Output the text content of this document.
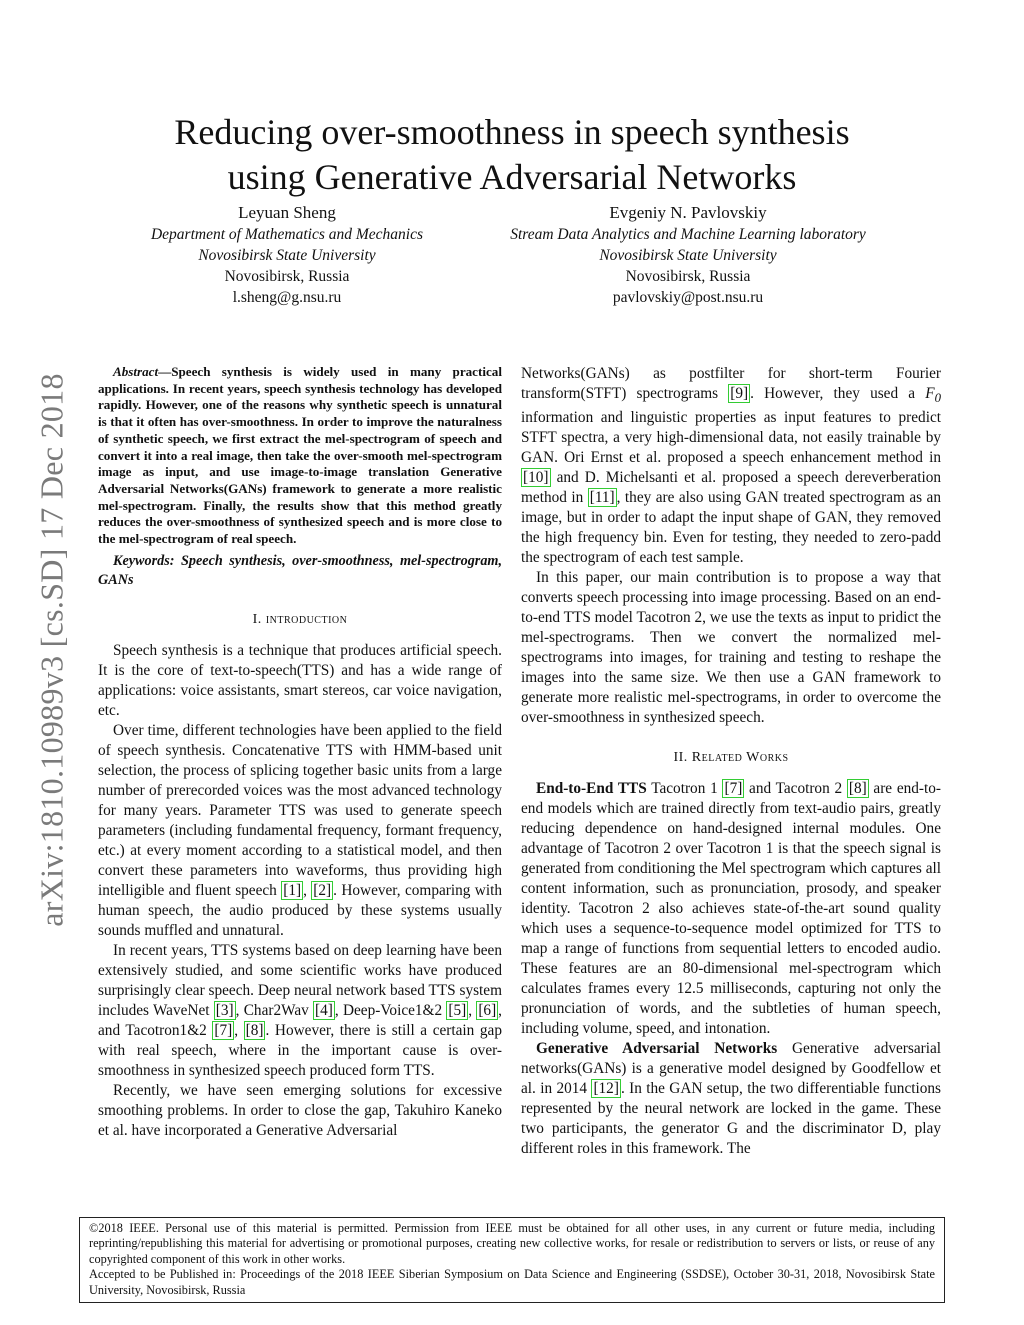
Reducing over-smoothness in speech synthesis
using Generative Adversarial Networks
Leyuan Sheng
Department of Mathematics and Mechanics
Novosibirsk State University
Novosibirsk, Russia
l.sheng@g.nsu.ru
Evgeniy N. Pavlovskiy
Stream Data Analytics and Machine Learning laboratory
Novosibirsk State University
Novosibirsk, Russia
pavlovskiy@post.nsu.ru
arXiv:1810.10989v3 [cs.SD] 17 Dec 2018

Abstract—Speech synthesis is widely used in many practical applications. In recent years, speech synthesis technology has developed rapidly. However, one of the reasons why synthetic speech is unnatural is that it often has over-smoothness. In order to improve the naturalness of synthetic speech, we first extract the mel-spectrogram of speech and convert it into a real image, then take the over-smooth mel-spectrogram image as input, and use image-to-image translation Generative Adversarial Networks(GANs) framework to generate a more realistic mel-spectrogram. Finally, the results show that this method greatly reduces the over-smoothness of synthesized speech and is more close to the mel-spectrogram of real speech.

Keywords: Speech synthesis, over-smoothness, mel-spectrogram, GANs

I. introduction

Speech synthesis is a technique that produces artificial speech. It is the core of text-to-speech(TTS) and has a wide range of applications: voice assistants, smart stereos, car voice navigation, etc.

Over time, different technologies have been applied to the field of speech synthesis. Concatenative TTS with HMM-based unit selection, the process of splicing together basic units from a large number of prerecorded voices was the most advanced technology for many years. Parameter TTS was used to generate speech parameters (including fundamental frequency, formant frequency, etc.) at every moment according to a statistical model, and then convert these parameters into waveforms, thus providing high intelligible and fluent speech [1] , [2] . However, comparing with human speech, the audio produced by these systems usually sounds muffled and unnatural.

In recent years, TTS systems based on deep learning have been extensively studied, and some scientific works have produced surprisingly clear speech. Deep neural network based TTS system includes WaveNet [3] , Char2Wav [4] , Deep-Voice1&2 [5] , [6] , and Tacotron1&2 [7] , [8] . However, there is still a certain gap with real speech, where in the important cause is over-smoothness in synthesized speech produced form TTS.

Recently, we have seen emerging solutions for excessive smoothing problems. In order to close the gap, Takuhiro Kaneko et al. have incorporated a Generative Adversarial

Networks(GANs) as postfilter for short-term Fourier transform(STFT) spectrograms [9] . However, they used a $F_0$ information and linguistic properties as input features to predict STFT spectra, a very high-dimensional data, not easily trainable by GAN. Ori Ernst et al. proposed a speech enhancement method in [10] and D. Michelsanti et al. proposed a speech dereverberation method in [11] , they are also using GAN treated spectrogram as an image, but in order to adapt the input shape of GAN, they removed the high frequency bin. Even for testing, they needed to zero-padd the spectrogram of each test sample.

In this paper, our main contribution is to propose a way that converts speech processing into image processing. Based on an end-to-end TTS model Tacotron 2, we use the texts as input to pridict the mel-spectrograms. Then we convert the normalized mel-spectrograms into images, for training and testing to reshape the images into the same size. We then use a GAN framework to generate more realistic mel-spectrograms, in order to overcome the over-smoothness in synthesized speech.

II. Related Works

End-to-End TTS Tacotron 1 [7] and Tacotron 2 [8] are end-to-end models which are trained directly from text-audio pairs, greatly reducing dependence on hand-designed internal modules. One advantage of Tacotron 2 over Tacotron 1 is that the speech signal is generated from conditioning the Mel spectrogram which captures all content information, such as pronunciation, prosody, and speaker identity. Tacotron 2 also achieves state-of-the-art sound quality which uses a sequence-to-sequence model optimized for TTS to map a range of functions from sequential letters to encoded audio. These features are an 80-dimensional mel-spectrogram which calculates frames every 12.5 milliseconds, capturing not only the pronunciation of words, and the subtleties of human speech, including volume, speed, and intonation.

Generative Adversarial Networks Generative adversarial networks(GANs) is a generative model designed by Goodfellow et al. in 2014 [12] . In the GAN setup, the two differentiable functions represented by the neural network are locked in the game. These two participants, the generator G and the discriminator D, play different roles in this framework. The

©2018 IEEE. Personal use of this material is permitted. Permission from IEEE must be obtained for all other uses, in any current or future media, including reprinting/republishing this material for advertising or promotional purposes, creating new collective works, for resale or redistribution to servers or lists, or reuse of any copyrighted component of this work in other works.

Accepted to be Published in: Proceedings of the 2018 IEEE Siberian Symposium on Data Science and Engineering (SSDSE), October 30-31, 2018, Novosibirsk State University, Novosibirsk, Russia
